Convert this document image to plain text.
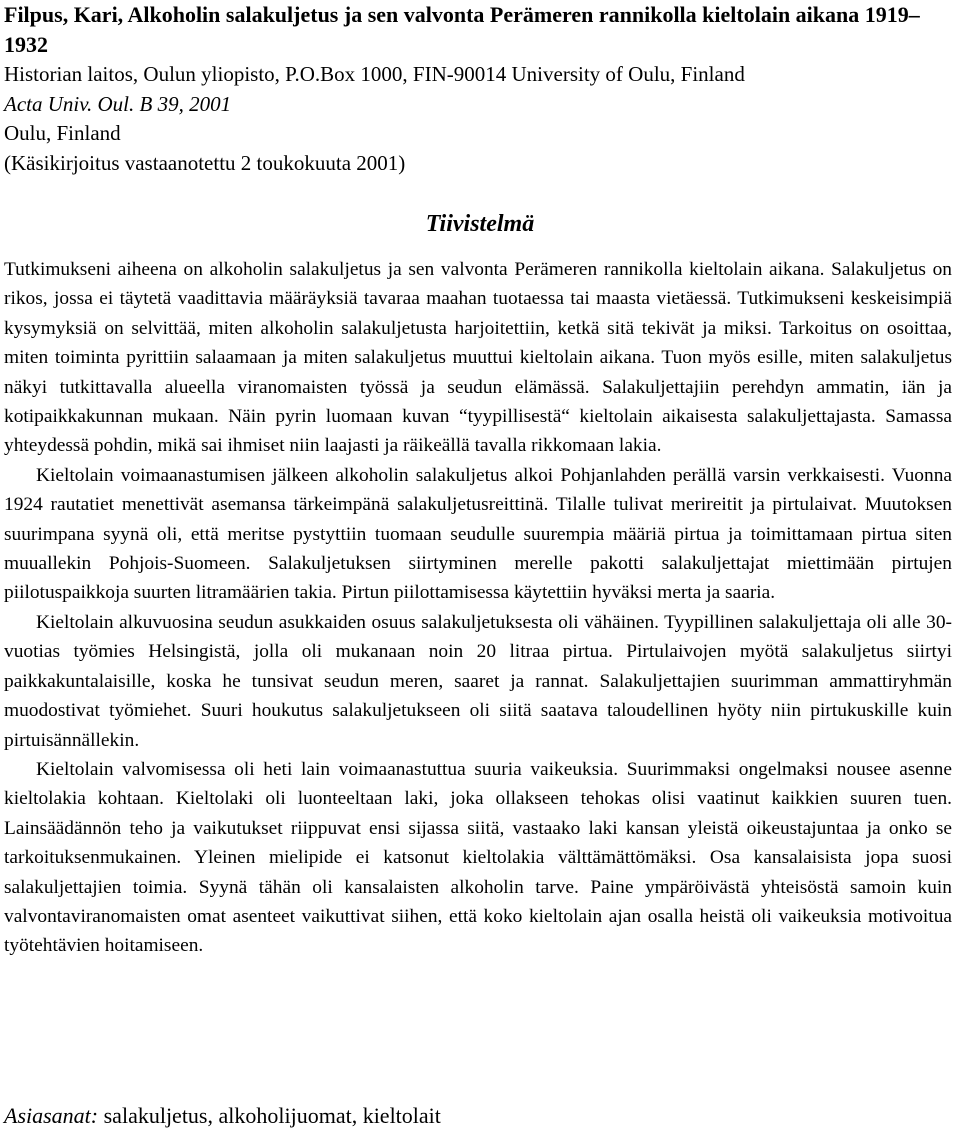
Filpus, Kari, Alkoholin salakuljetus ja sen valvonta Perämeren rannikolla kieltolain aikana 1919–1932

Historian laitos, Oulun yliopisto, P.O.Box 1000, FIN-90014 University of Oulu, Finland

Acta Univ. Oul. B 39, 2001

Oulu, Finland

(Käsikirjoitus vastaanotettu 2 toukokuuta 2001)

Tiivistelmä

Tutkimukseni aiheena on alkoholin salakuljetus ja sen valvonta Perämeren rannikolla kieltolain aikana. Salakuljetus on rikos, jossa ei täytetä vaadittavia määräyksiä tavaraa maahan tuotaessa tai maasta vietäessä. Tutkimukseni keskeisimpiä kysymyksiä on selvittää, miten alkoholin salakuljetusta harjoitettiin, ketkä sitä tekivät ja miksi. Tarkoitus on osoittaa, miten toiminta pyrittiin salaamaan ja miten salakuljetus muuttui kieltolain aikana. Tuon myös esille, miten salakuljetus näkyi tutkittavalla alueella viranomaisten työssä ja seudun elämässä. Salakuljettajiin perehdyn ammatin, iän ja kotipaikkakunnan mukaan. Näin pyrin luomaan kuvan “tyypillisestä“ kieltolain aikaisesta salakuljettajasta. Samassa yhteydessä pohdin, mikä sai ihmiset niin laajasti ja räikeällä tavalla rikkomaan lakia.

Kieltolain voimaanastumisen jälkeen alkoholin salakuljetus alkoi Pohjanlahden perällä varsin verkkaisesti. Vuonna 1924 rautatiet menettivät asemansa tärkeimpänä salakuljetusreittinä. Tilalle tulivat merireitit ja pirtulaivat. Muutoksen suurimpana syynä oli, että meritse pystyttiin tuomaan seudulle suurempia määriä pirtua ja toimittamaan pirtua siten muuallekin Pohjois-Suomeen. Salakuljetuksen siirtyminen merelle pakotti salakuljettajat miettimään pirtujen piilotuspaikkoja suurten litramäärien takia. Pirtun piilottamisessa käytettiin hyväksi merta ja saaria.

Kieltolain alkuvuosina seudun asukkaiden osuus salakuljetuksesta oli vähäinen. Tyypillinen salakuljettaja oli alle 30-vuotias työmies Helsingistä, jolla oli mukanaan noin 20 litraa pirtua. Pirtulaivojen myötä salakuljetus siirtyi paikkakuntalaisille, koska he tunsivat seudun meren, saaret ja rannat. Salakuljettajien suurimman ammattiryhmän muodostivat työmiehet. Suuri houkutus salakuljetukseen oli siitä saatava taloudellinen hyöty niin pirtukuskille kuin pirtuisännällekin.

Kieltolain valvomisessa oli heti lain voimaanastuttua suuria vaikeuksia. Suurimmaksi ongelmaksi nousee asenne kieltolakia kohtaan. Kieltolaki oli luonteeltaan laki, joka ollakseen tehokas olisi vaatinut kaikkien suuren tuen. Lainsäädännön teho ja vaikutukset riippuvat ensi sijassa siitä, vastaako laki kansan yleistä oikeustajuntaa ja onko se tarkoituksenmukainen. Yleinen mielipide ei katsonut kieltolakia välttämättömäksi. Osa kansalaisista jopa suosi salakuljettajien toimia. Syynä tähän oli kansalaisten alkoholin tarve. Paine ympäröivästä yhteisöstä samoin kuin valvontaviranomaisten omat asenteet vaikuttivat siihen, että koko kieltolain ajan osalla heistä oli vaikeuksia motivoitua työtehtävien hoitamiseen.

Asiasanat: salakuljetus, alkoholijuomat, kieltolait
